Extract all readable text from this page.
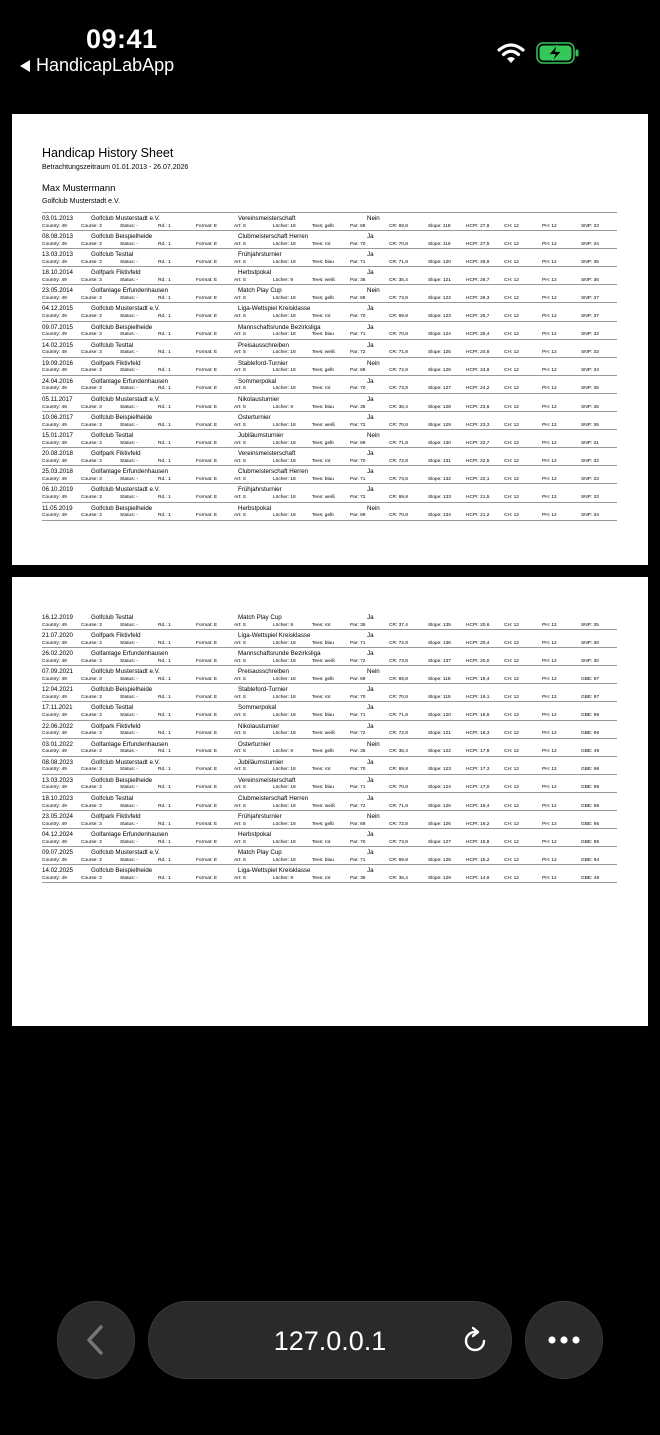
09:41
HandicapLabApp
Handicap History Sheet
Betrachtungszeitraum 01.01.2013 - 26.07.2026
Max Mustermann
Golfclub Musterstadt e.V.
03.01.2013	Golfclub Musterstadt e.V.	Vereinsmeisterschaft	Nein
Country: 49	Course: 3	Status: -	Rd.: 1	Format: E	Art: S	Löcher: 18	Tees: gelb	Par: 69	CR: 69,8	Slope: 118	HCPI: 27,8	CH: 12	PH: 12	SNP: 33
08.08.2013	Golfclub Beispielheide	Clubmeisterschaft Herren	Ja
Country: 49	Course: 3	Status: -	Rd.: 1	Format: E	Art: S	Löcher: 18	Tees: rot	Par: 70	CR: 70,8	Slope: 119	HCPI: 27,5	CH: 12	PH: 12	SNP: 34
13.03.2013	Golfclub Testtal	Frühjahrsturnier	Ja
Country: 49	Course: 3	Status: -	Rd.: 1	Format: E	Art: S	Löcher: 18	Tees: blau	Par: 71	CR: 71,8	Slope: 120	HCPI: 26,9	CH: 12	PH: 12	SNP: 35
18.10.2014	Golfpark Fiktivfeld	Herbstpokal	Ja
Country: 49	Course: 3	Status: -	Rd.: 1	Format: E	Art: S	Löcher: 9	Tees: weiß	Par: 35	CR: 35,4	Slope: 121	HCPI: 26,7	CH: 12	PH: 12	SNP: 36
23.05.2014	Golfanlage Erfundenhausen	Match Play Cup	Nein
Country: 49	Course: 3	Status: -	Rd.: 1	Format: E	Art: S	Löcher: 18	Tees: gelb	Par: 69	CR: 73,8	Slope: 122	HCPI: 26,3	CH: 12	PH: 12	SNP: 37
04.12.2015	Golfclub Musterstadt e.V.	Liga-Wettspiel Kreisklasse	Ja
Country: 49	Course: 3	Status: -	Rd.: 1	Format: E	Art: S	Löcher: 18	Tees: rot	Par: 70	CR: 69,8	Slope: 123	HCPI: 25,7	CH: 12	PH: 12	SNP: 37
09.07.2015	Golfclub Beispielheide	Mannschaftsrunde Bezirksliga	Ja
Country: 49	Course: 3	Status: -	Rd.: 1	Format: E	Art: S	Löcher: 18	Tees: blau	Par: 71	CR: 70,8	Slope: 124	HCPI: 25,4	CH: 12	PH: 12	SNP: 32
14.02.2015	Golfclub Testtal	Preisausschreiben	Ja
Country: 49	Course: 3	Status: -	Rd.: 1	Format: E	Art: S	Löcher: 18	Tees: weiß	Par: 72	CR: 71,8	Slope: 125	HCPI: 24,8	CH: 12	PH: 12	SNP: 33
19.09.2016	Golfpark Fiktivfeld	Stableford-Turnier	Nein
Country: 49	Course: 3	Status: -	Rd.: 1	Format: E	Art: S	Löcher: 18	Tees: gelb	Par: 69	CR: 72,8	Slope: 126	HCPI: 24,6	CH: 12	PH: 12	SNP: 34
24.04.2016	Golfanlage Erfundenhausen	Sommerpokal	Ja
Country: 49	Course: 3	Status: -	Rd.: 1	Format: E	Art: S	Löcher: 18	Tees: rot	Par: 70	CR: 73,8	Slope: 127	HCPI: 24,2	CH: 12	PH: 12	SNP: 35
05.11.2017	Golfclub Musterstadt e.V.	Nikolausturnier	Ja
Country: 49	Course: 3	Status: -	Rd.: 1	Format: E	Art: S	Löcher: 9	Tees: blau	Par: 35	CR: 36,4	Slope: 128	HCPI: 23,6	CH: 12	PH: 12	SNP: 35
10.06.2017	Golfclub Beispielheide	Osterturnier	Ja
Country: 49	Course: 3	Status: -	Rd.: 1	Format: E	Art: S	Löcher: 18	Tees: weiß	Par: 72	CR: 70,8	Slope: 129	HCPI: 23,3	CH: 12	PH: 12	SNP: 36
15.01.2017	Golfclub Testtal	Jubiläumsturnier	Nein
Country: 49	Course: 3	Status: -	Rd.: 1	Format: E	Art: S	Löcher: 18	Tees: gelb	Par: 69	CR: 71,8	Slope: 130	HCPI: 22,7	CH: 12	PH: 12	SNP: 31
20.08.2018	Golfpark Fiktivfeld	Vereinsmeisterschaft	Ja
Country: 49	Course: 3	Status: -	Rd.: 1	Format: E	Art: S	Löcher: 18	Tees: rot	Par: 70	CR: 72,8	Slope: 131	HCPI: 22,5	CH: 12	PH: 12	SNP: 32
25.03.2018	Golfanlage Erfundenhausen	Clubmeisterschaft Herren	Ja
Country: 49	Course: 3	Status: -	Rd.: 1	Format: E	Art: S	Löcher: 18	Tees: blau	Par: 71	CR: 73,8	Slope: 132	HCPI: 22,1	CH: 12	PH: 12	SNP: 33
06.10.2019	Golfclub Musterstadt e.V.	Frühjahrsturnier	Ja
Country: 49	Course: 3	Status: -	Rd.: 1	Format: E	Art: S	Löcher: 18	Tees: weiß	Par: 72	CR: 69,8	Slope: 133	HCPI: 21,5	CH: 12	PH: 12	SNP: 33
11.05.2019	Golfclub Beispielheide	Herbstpokal	Nein
Country: 49	Course: 3	Status: -	Rd.: 1	Format: E	Art: S	Löcher: 18	Tees: gelb	Par: 69	CR: 70,8	Slope: 134	HCPI: 21,2	CH: 12	PH: 12	SNP: 34
16.12.2019	Golfclub Testtal	Match Play Cup	Ja
Country: 49	Course: 3	Status: -	Rd.: 1	Format: E	Art: S	Löcher: 9	Tees: rot	Par: 35	CR: 37,4	Slope: 135	HCPI: 20,6	CH: 12	PH: 12	SNP: 35
21.07.2020	Golfpark Fiktivfeld	Liga-Wettspiel Kreisklasse	Ja
Country: 49	Course: 3	Status: -	Rd.: 1	Format: E	Art: S	Löcher: 18	Tees: blau	Par: 71	CR: 72,8	Slope: 136	HCPI: 20,4	CH: 12	PH: 12	SNP: 30
26.02.2020	Golfanlage Erfundenhausen	Mannschaftsrunde Bezirksliga	Ja
Country: 49	Course: 3	Status: -	Rd.: 1	Format: E	Art: S	Löcher: 18	Tees: weiß	Par: 72	CR: 73,8	Slope: 137	HCPI: 20,0	CH: 12	PH: 12	SNP: 30
07.09.2021	Golfclub Musterstadt e.V.	Preisausschreiben	Nein
Country: 49	Course: 3	Status: -	Rd.: 1	Format: E	Art: S	Löcher: 18	Tees: gelb	Par: 69	CR: 69,8	Slope: 118	HCPI: 19,4	CH: 12	PH: 12	GBE: 97
12.04.2021	Golfclub Beispielheide	Stableford-Turnier	Ja
Country: 49	Course: 3	Status: -	Rd.: 1	Format: E	Art: S	Löcher: 18	Tees: rot	Par: 70	CR: 70,8	Slope: 119	HCPI: 19,1	CH: 12	PH: 12	GBE: 97
17.11.2021	Golfclub Testtal	Sommerpokal	Ja
Country: 49	Course: 3	Status: -	Rd.: 1	Format: E	Art: S	Löcher: 18	Tees: blau	Par: 71	CR: 71,8	Slope: 120	HCPI: 18,5	CH: 12	PH: 12	GBE: 96
22.06.2022	Golfpark Fiktivfeld	Nikolausturnier	Ja
Country: 49	Course: 3	Status: -	Rd.: 1	Format: E	Art: S	Löcher: 18	Tees: weiß	Par: 72	CR: 72,8	Slope: 121	HCPI: 18,3	CH: 12	PH: 12	GBE: 96
03.01.2022	Golfanlage Erfundenhausen	Osterturnier	Nein
Country: 49	Course: 3	Status: -	Rd.: 1	Format: E	Art: S	Löcher: 9	Tees: gelb	Par: 35	CR: 35,4	Slope: 122	HCPI: 17,9	CH: 12	PH: 12	GBE: 49
08.08.2023	Golfclub Musterstadt e.V.	Jubiläumsturnier	Ja
Country: 49	Course: 3	Status: -	Rd.: 1	Format: E	Art: S	Löcher: 18	Tees: rot	Par: 70	CR: 69,8	Slope: 123	HCPI: 17,3	CH: 12	PH: 12	GBE: 96
13.03.2023	Golfclub Beispielheide	Vereinsmeisterschaft	Ja
Country: 49	Course: 3	Status: -	Rd.: 1	Format: E	Art: S	Löcher: 18	Tees: blau	Par: 71	CR: 70,8	Slope: 124	HCPI: 17,0	CH: 12	PH: 12	GBE: 95
18.10.2023	Golfclub Testtal	Clubmeisterschaft Herren	Ja
Country: 49	Course: 3	Status: -	Rd.: 1	Format: E	Art: S	Löcher: 18	Tees: weiß	Par: 72	CR: 71,8	Slope: 125	HCPI: 16,4	CH: 12	PH: 12	GBE: 95
23.05.2024	Golfpark Fiktivfeld	Frühjahrsturnier	Nein
Country: 49	Course: 3	Status: -	Rd.: 1	Format: E	Art: S	Löcher: 18	Tees: gelb	Par: 69	CR: 72,8	Slope: 126	HCPI: 16,2	CH: 12	PH: 12	GBE: 95
04.12.2024	Golfanlage Erfundenhausen	Herbstpokal	Ja
Country: 49	Course: 3	Status: -	Rd.: 1	Format: E	Art: S	Löcher: 18	Tees: rot	Par: 70	CR: 73,8	Slope: 127	HCPI: 15,8	CH: 12	PH: 12	GBE: 95
09.07.2025	Golfclub Musterstadt e.V.	Match Play Cup	Ja
Country: 49	Course: 3	Status: -	Rd.: 1	Format: E	Art: S	Löcher: 18	Tees: blau	Par: 71	CR: 69,8	Slope: 128	HCPI: 15,2	CH: 12	PH: 12	GBE: 94
14.02.2025	Golfclub Beispielheide	Liga-Wettspiel Kreisklasse	Ja
Country: 49	Course: 3	Status: -	Rd.: 1	Format: E	Art: S	Löcher: 9	Tees: rot	Par: 35	CR: 36,4	Slope: 129	HCPI: 14,9	CH: 12	PH: 12	GBE: 48
127.0.0.1
